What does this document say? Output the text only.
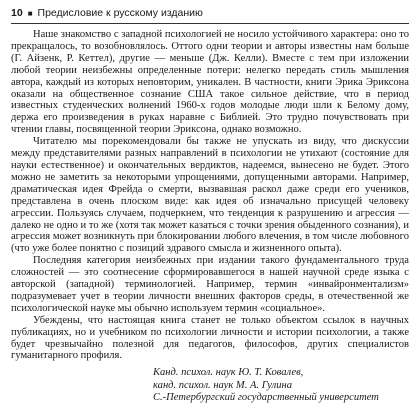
10 ■ Предисловие к русскому изданию

Наше знакомство с западной психологией не носило устойчивого характера: оно то прекращалось, то возобновлялось. Оттого одни теории и авторы известны нам больше (Г. Айзенк, Р. Кеттел), другие — меньше (Дж. Келли). Вместе с тем при изложении любой теории неизбежны определенные потери: нелегко передать стиль мышления автора, каждый из которых неповторим, уникален. В частности, книги Эрика Эриксона оказали на общественное сознание США такое сильное действие, что в период известных студенческих волнений 1960-х годов молодые люди шли к Белому дому, держа его произведения в руках наравне с Библией. Это трудно почувствовать при чтении главы, посвященной теории Эриксона, однако возможно.

Читателю мы порекомендовали бы также не упускать из виду, что дискуссии между представителями разных направлений в психологии не утихают (состояние для науки естественное) и окончательных вердиктов, надеемся, вынесено не будет. Этого можно не заметить за некоторыми упрощениями, допущенными авторами. Например, драматическая идея Фрейда о смерти, вызвавшая раскол даже среди его учеников, представлена в очень плоском виде: как идея об изначально присущей человеку агрессии. Пользуясь случаем, подчеркнем, что тенденция к разрушению и агрессия — далеко не одно и то же (хотя так может казаться с точки зрения обыденного сознания), и агрессия может возникнуть при блокировании любого влечения, в том числе любовного (что уже более понятно с позиций здравого смысла и жизненного опыта).

Последняя категория неизбежных при издании такого фундаментального труда сложностей — это соотнесение сформировавшегося в нашей научной среде языка с авторской (западной) терминологией. Например, термин «инвайронментализм» подразумевает учет в теории личности внешних факторов среды, в отечественной же психологической науке мы обычно используем термин «социальное».

Убеждены, что настоящая книга станет не только объектом ссылок в научных публикациях, но и учебником по психологии личности и истории психологии, а также будет чрезвычайно полезной для педагогов, философов, других специалистов гуманитарного профиля.

Канд. психол. наук Ю. Т. Ковалев,
канд. психол. наук М. А. Гулина
С.-Петербургский государственный университет
